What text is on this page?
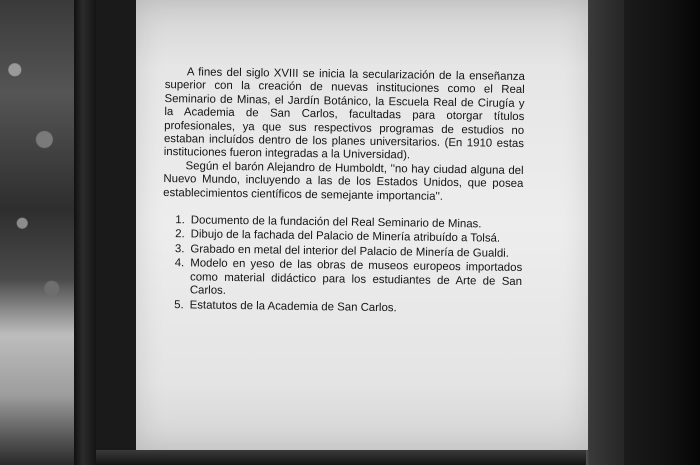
A fines del siglo XVIII se inicia la secularización de la enseñanza superior con la creación de nuevas instituciones como el Real Seminario de Minas, el Jardín Botánico, la Escuela Real de Cirugía y la Academia de San Carlos, facultadas para otorgar títulos profesionales, ya que sus respectivos programas de estudios no estaban incluídos dentro de los planes universitarios. (En 1910 estas instituciones fueron integradas a la Universidad).

Según el barón Alejandro de Humboldt, ''no hay ciudad alguna del Nuevo Mundo, incluyendo a las de los Estados Unidos, que posea establecimientos científicos de semejante importancia''.

1. Documento de la fundación del Real Seminario de Minas.
2. Dibujo de la fachada del Palacio de Minería atribuído a Tolsá.
3. Grabado en metal del interior del Palacio de Minería de Gualdi.
4. Modelo en yeso de las obras de museos europeos importados como material didáctico para los estudiantes de Arte de San Carlos.
5. Estatutos de la Academia de San Carlos.
